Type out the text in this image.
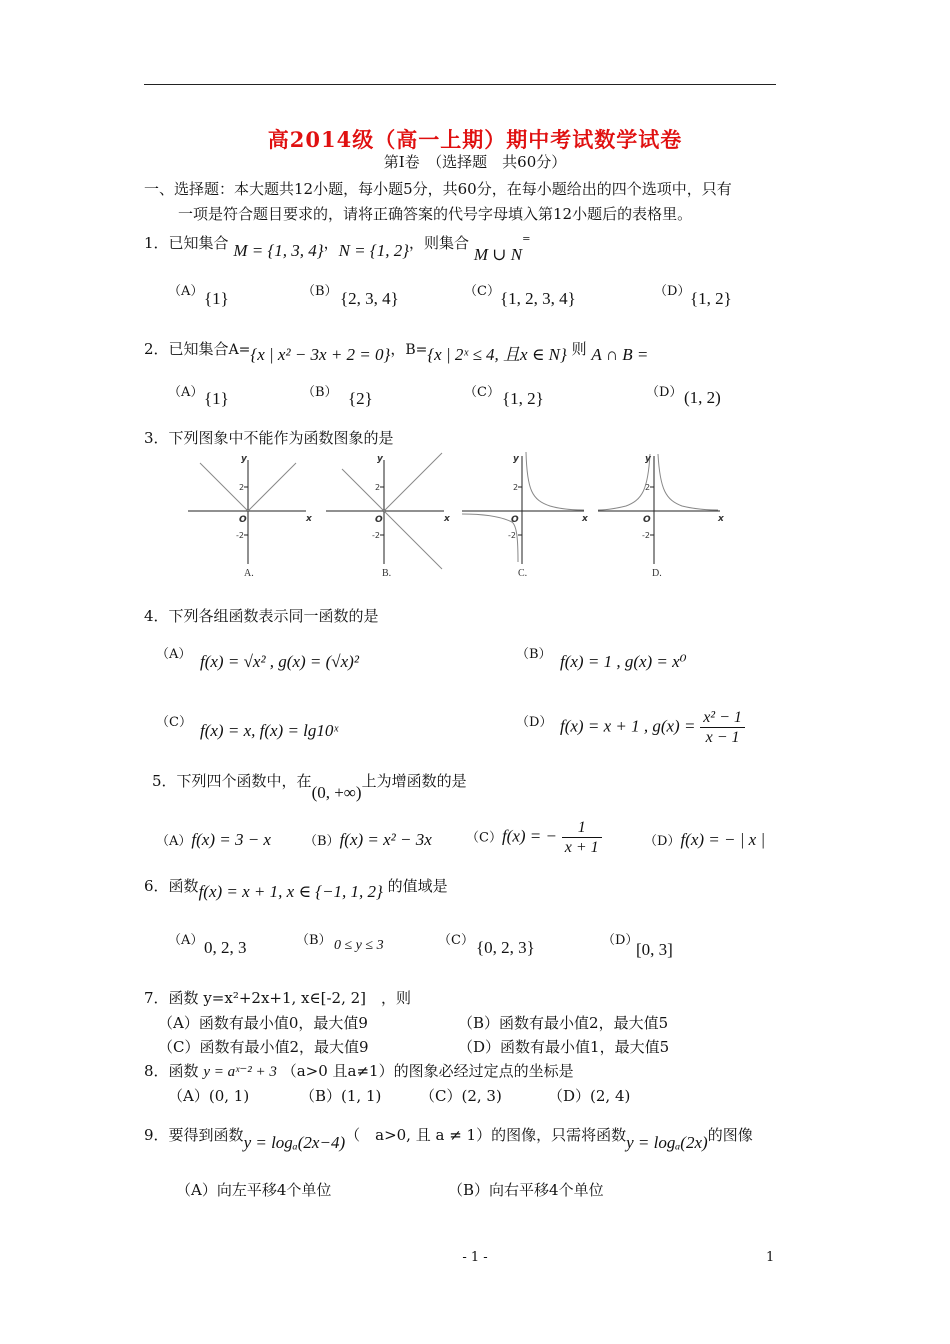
高2014级（高一上期）期中考试数学试卷
第Ⅰ卷　（选择题　共60分）
一、选择题：本大题共12小题，每小题5分，共60分，在每小题给出的四个选项中，只有
一项是符合题目要求的，请将正确答案的代号字母填入第12小题后的表格里。
1．已知集合 M = {1, 3, 4}，N = {1, 2}，则集合 M ∪ N=
（A） {1}	（B） {2, 3, 4}	（C） {1, 2, 3, 4}	（D） {1, 2}
2．已知集合A={x | x² − 3x + 2 = 0}，B={x | 2ˣ ≤ 4, 且x ∈ N} 则 A ∩ B =
（A） {1}	（B） {2}	（C） {1, 2}	（D） (1, 2)
3．下列图象中不能作为函数图象的是
2
-2
y
x
O
A.
2
-2
y
x
O
B.
2
-2
y
x
O
C.
2
-2
y
x
O
D.
4．下列各组函数表示同一函数的是
（A） f(x) = √x² , g(x) = (√x)²	（B） f(x) = 1 , g(x) = x⁰
（C） f(x) = x, f(x) = lg10ˣ	（D） f(x) = x + 1 , $g(x) = \frac{\text{x² − 1}}{x - 1}$
5．下列四个函数中，在(0, +∞)上为增函数的是
（A）f(x) = 3 − x	（B）f(x) = x² − 3x	（C）f(x) = − $\frac{1}{x + 1}$	（D）f(x) = − | x |
6．函数f(x) = x + 1, x ∈ {−1, 1, 2} 的值域是
（A） 0, 2, 3	（B） 0 ≤ y ≤ 3	（C） {0, 2, 3}	（D）
[0, 3]
7．函数 y=x²+2x+1, x∈[-2, 2]　，则
（A）函数有最小值0，最大值9	（B）函数有最小值2，最大值5
（C）函数有最小值2，最大值9	（D）函数有最小值1，最大值5
8．函数 y = aˣ⁻² + 3 （a>0 且a≠1）的图象必经过定点的坐标是
（A）(0, 1)	（B）(1, 1)	（C）(2, 3)	（D）(2, 4)
9．要得到函数y = logₐ(2x−4)（　a>0, 且 a ≠ 1）的图像，只需将函数y = logₐ(2x)的图像
（A）向左平移4个单位	（B）向右平移4个单位
- 1 -	1
